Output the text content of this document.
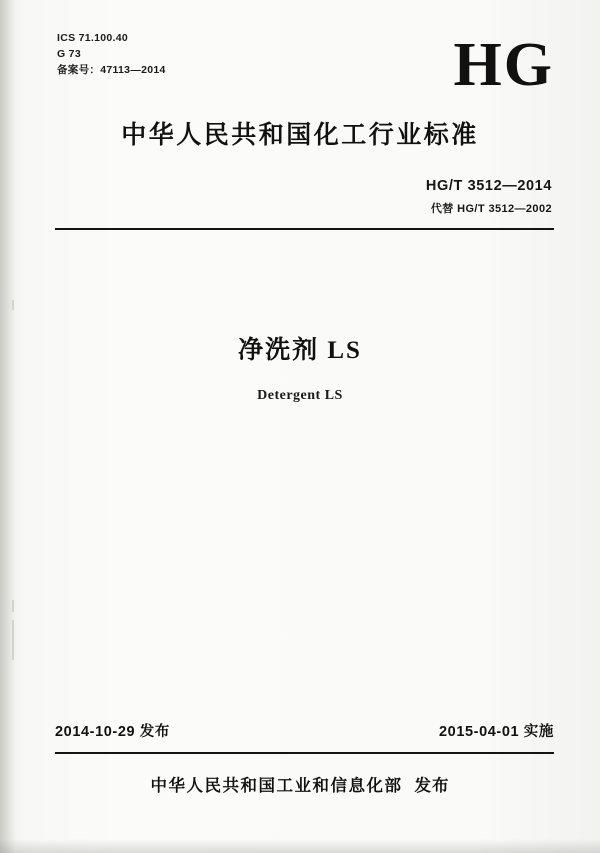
ICS 71.100.40
G 73
备案号：47113—2014	HG
中华人民共和国化工行业标准
HG/T 3512—2014
代替 HG/T 3512—2002
净洗剂 LS
Detergent LS
2014-10-29 发布	2015-04-01 实施
中华人民共和国工业和信息化部 发布
